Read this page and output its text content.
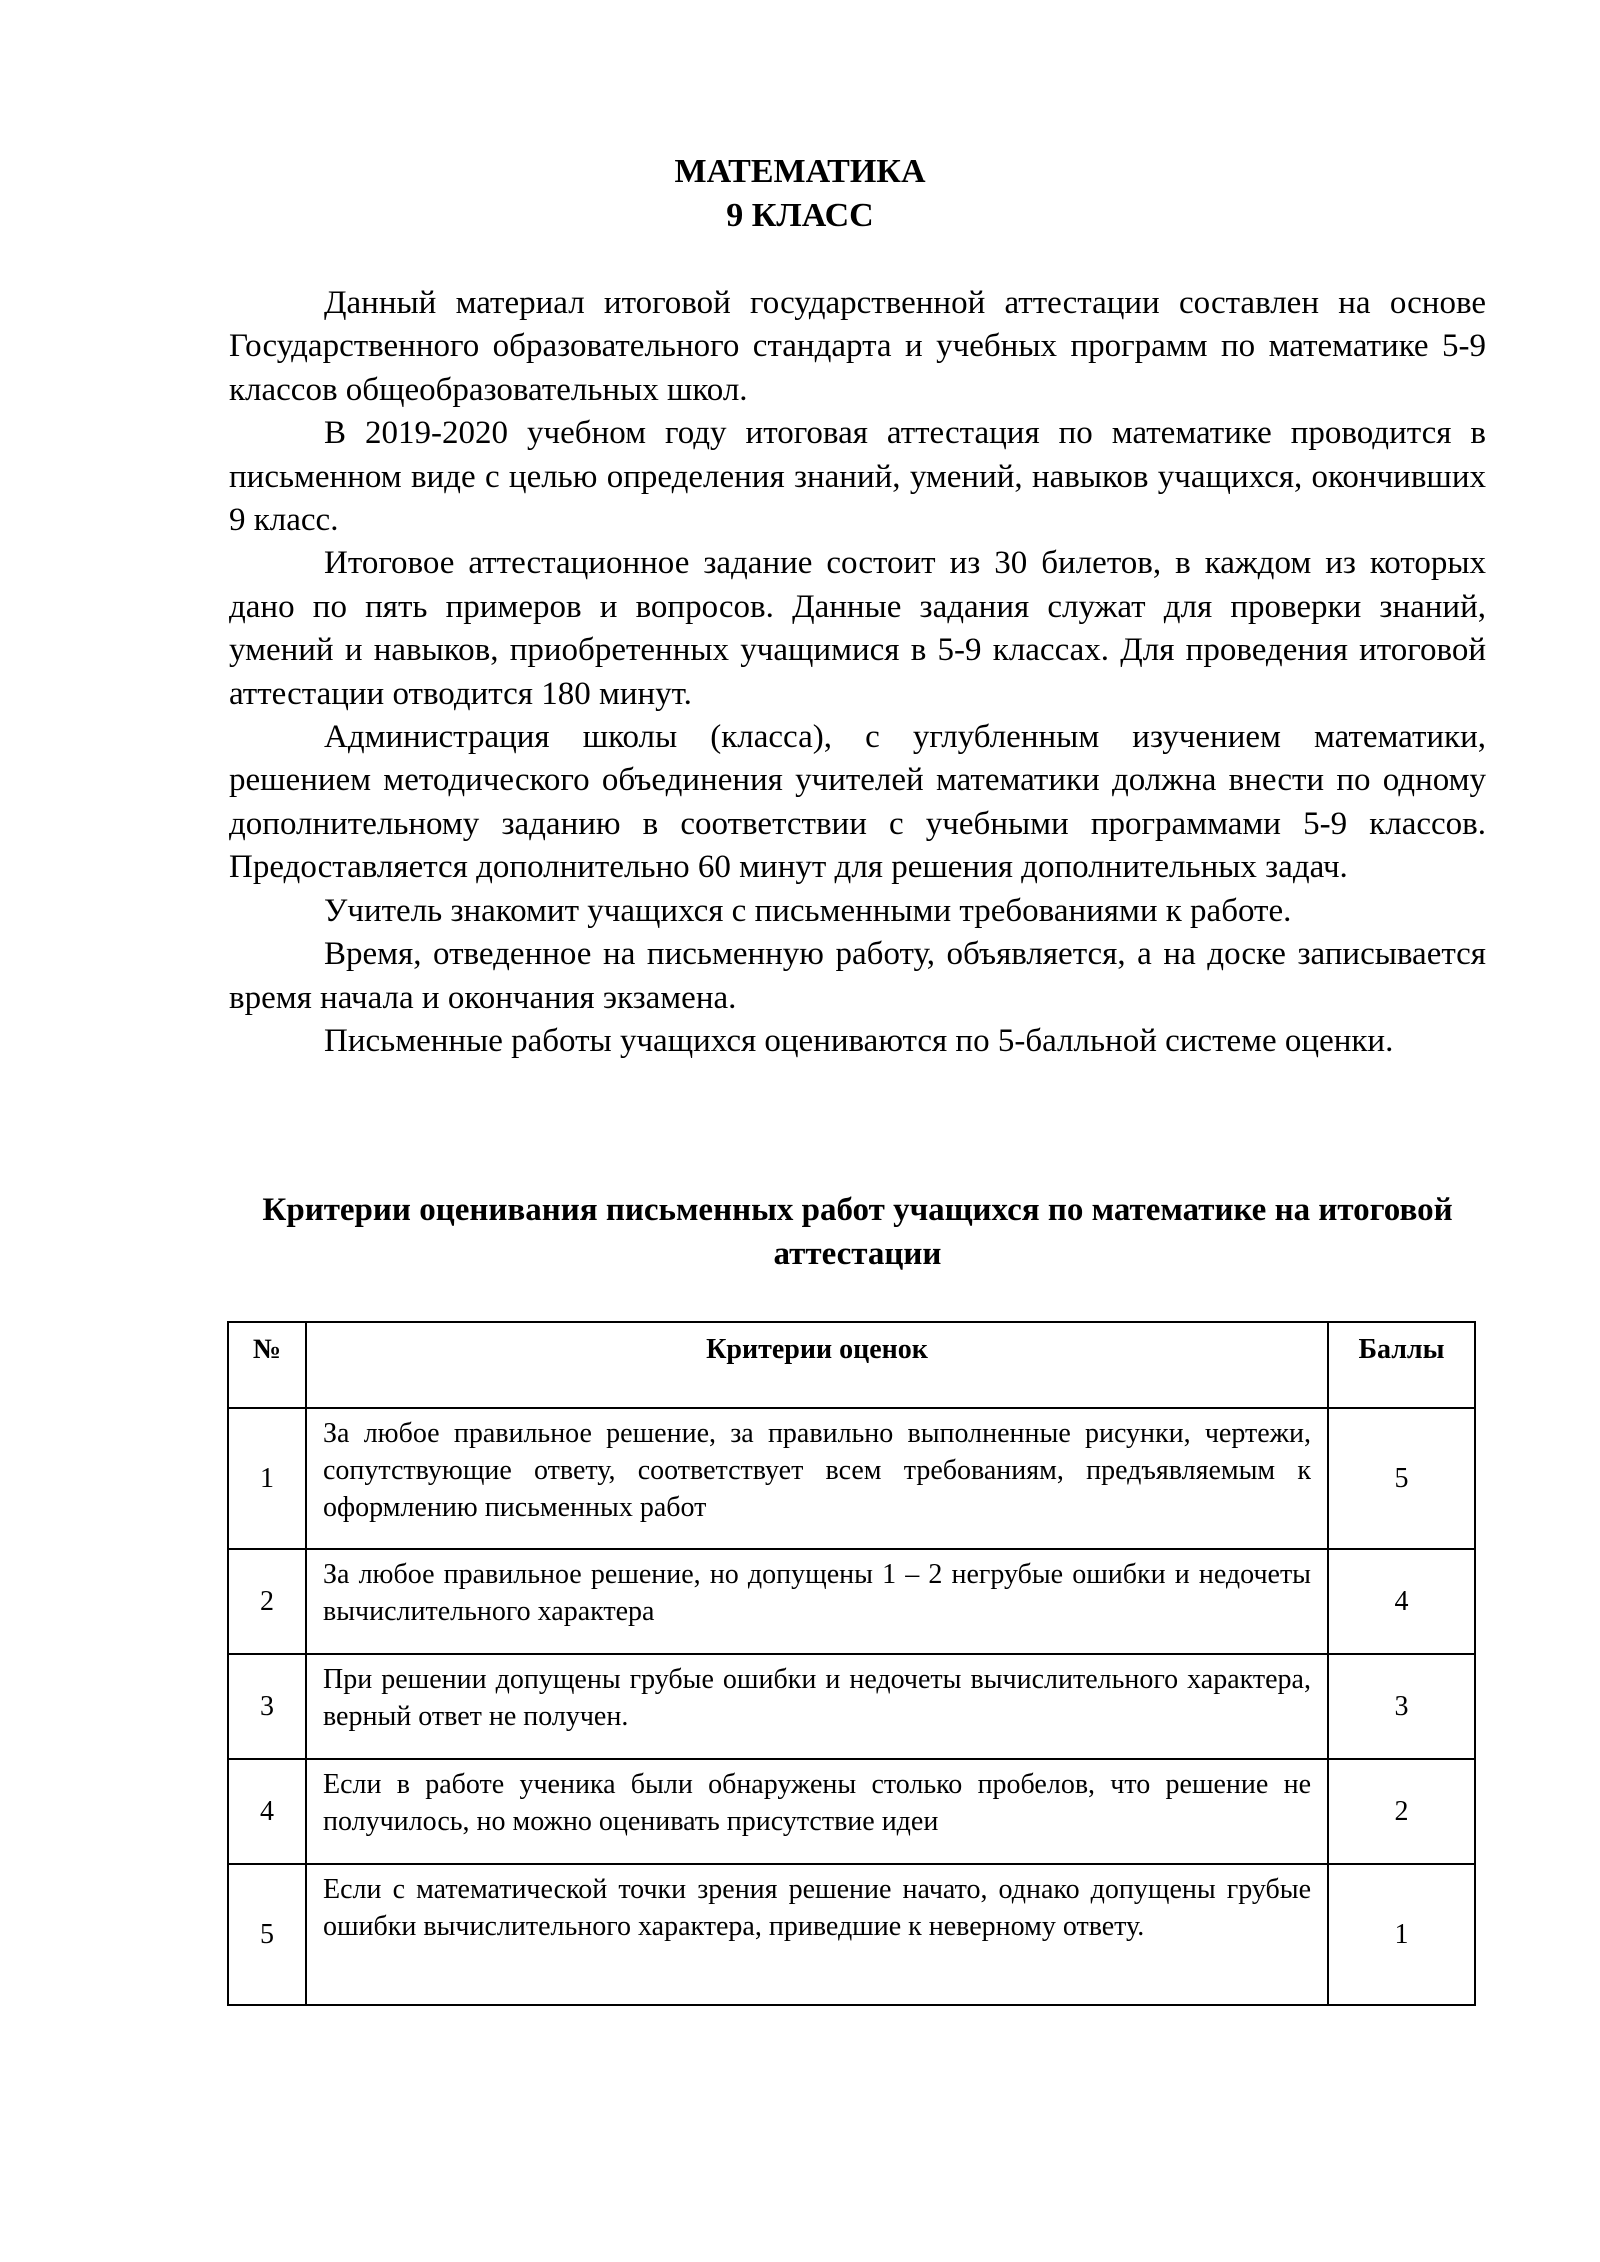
МАТЕМАТИКА
9 КЛАСС

Данный материал итоговой государственной аттестации составлен на основе Государственного образовательного стандарта и учебных программ по математике 5-9 классов общеобразовательных школ.

В 2019-2020 учебном году итоговая аттестация по математике проводится в письменном виде с целью определения знаний, умений, навыков учащихся, окончивших 9 класс.

Итоговое аттестационное задание состоит из 30 билетов, в каждом из которых дано по пять примеров и вопросов. Данные задания служат для проверки знаний, умений и навыков, приобретенных учащимися в 5-9 классах. Для проведения итоговой аттестации отводится 180 минут.

Администрация школы (класса), с углубленным изучением математики, решением методического объединения учителей математики должна внести по одному дополнительному заданию в соответствии с учебными программами 5-9 классов. Предоставляется дополнительно 60 минут для решения дополнительных задач.

Учитель знакомит учащихся с письменными требованиями к работе.

Время, отведенное на письменную работу, объявляется, а на доске записывается время начала и окончания экзамена.

Письменные работы учащихся оцениваются по 5-балльной системе оценки.

Критерии оценивания письменных работ учащихся по математике на итоговой аттестации
№	Критерии оценок	Баллы
1	За любое правильное решение, за правильно выполненные рисунки, чертежи, сопутствующие ответу, соответствует всем требованиям, предъявляемым к оформлению письменных работ	5
2	За любое правильное решение, но допущены 1 – 2 негрубые ошибки и недочеты вычислительного характера	4
3	При решении допущены грубые ошибки и недочеты вычислительного характера, верный ответ не получен.	3
4	Если в работе ученика были обнаружены столько пробелов, что решение не получилось, но можно оценивать присутствие идеи	2
5	Если с математической точки зрения решение начато, однако допущены грубые ошибки вычислительного характера, приведшие к неверному ответу.	1
